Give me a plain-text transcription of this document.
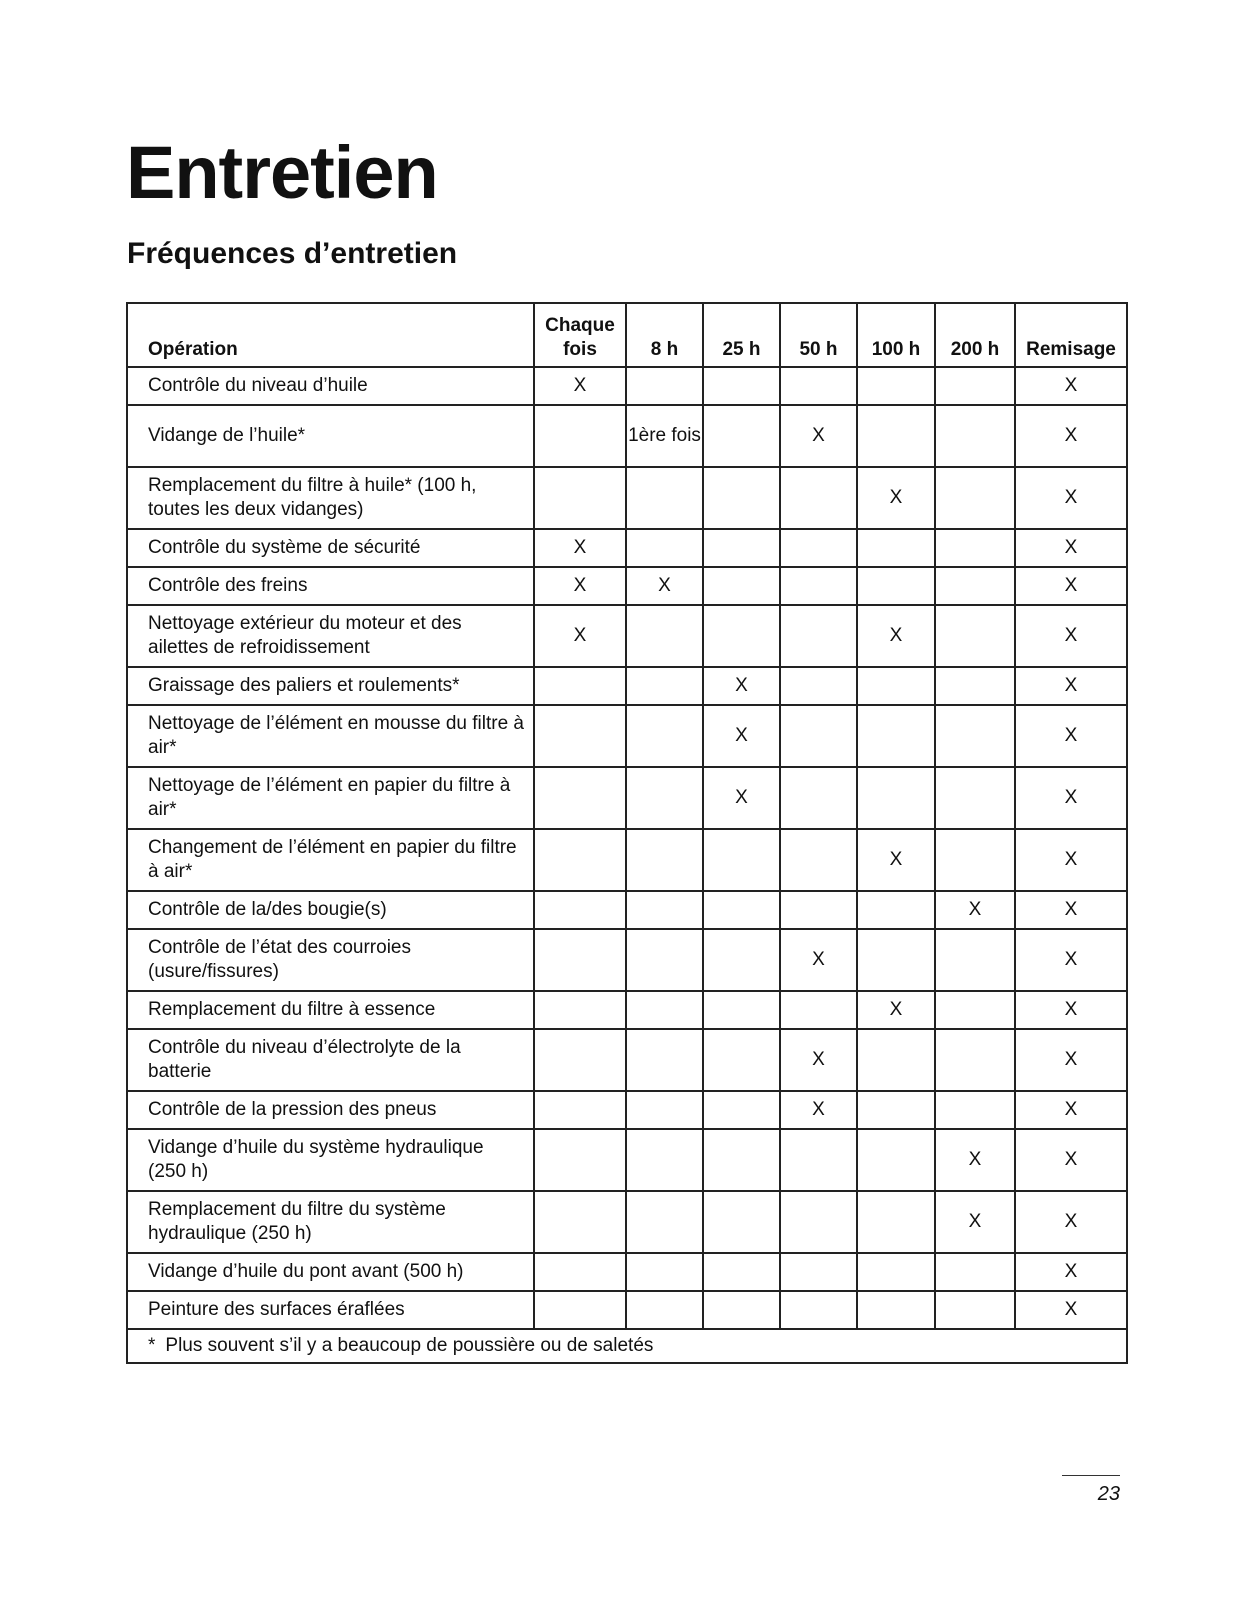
Entretien
Fréquences d’entretien
Opération	Chaque fois	8 h	25 h	50 h	100 h	200 h	Remisage
Contrôle du niveau d’huile	X						X
Vidange de l’huile*		1ère fois		X			X
Remplacement du filtre à huile* (100 h, toutes les deux vidanges)					X		X
Contrôle du système de sécurité	X						X
Contrôle des freins	X	X					X
Nettoyage extérieur du moteur et des ailettes de refroidissement	X				X		X
Graissage des paliers et roulements*			X				X
Nettoyage de l’élément en mousse du filtre à air*			X				X
Nettoyage de l’élément en papier du filtre à air*			X				X
Changement de l’élément en papier du filtre à air*					X		X
Contrôle de la/des bougie(s)						X	X
Contrôle de l’état des courroies (usure/fissures)				X			X
Remplacement du filtre à essence					X		X
Contrôle du niveau d’électrolyte de la batterie				X			X
Contrôle de la pression des pneus				X			X
Vidange d’huile du système hydraulique (250 h)						X	X
Remplacement du filtre du système hydraulique (250 h)						X	X
Vidange d’huile du pont avant (500 h)							X
Peinture des surfaces éraflées							X
* Plus souvent s’il y a beaucoup de poussière ou de saletés							
23
